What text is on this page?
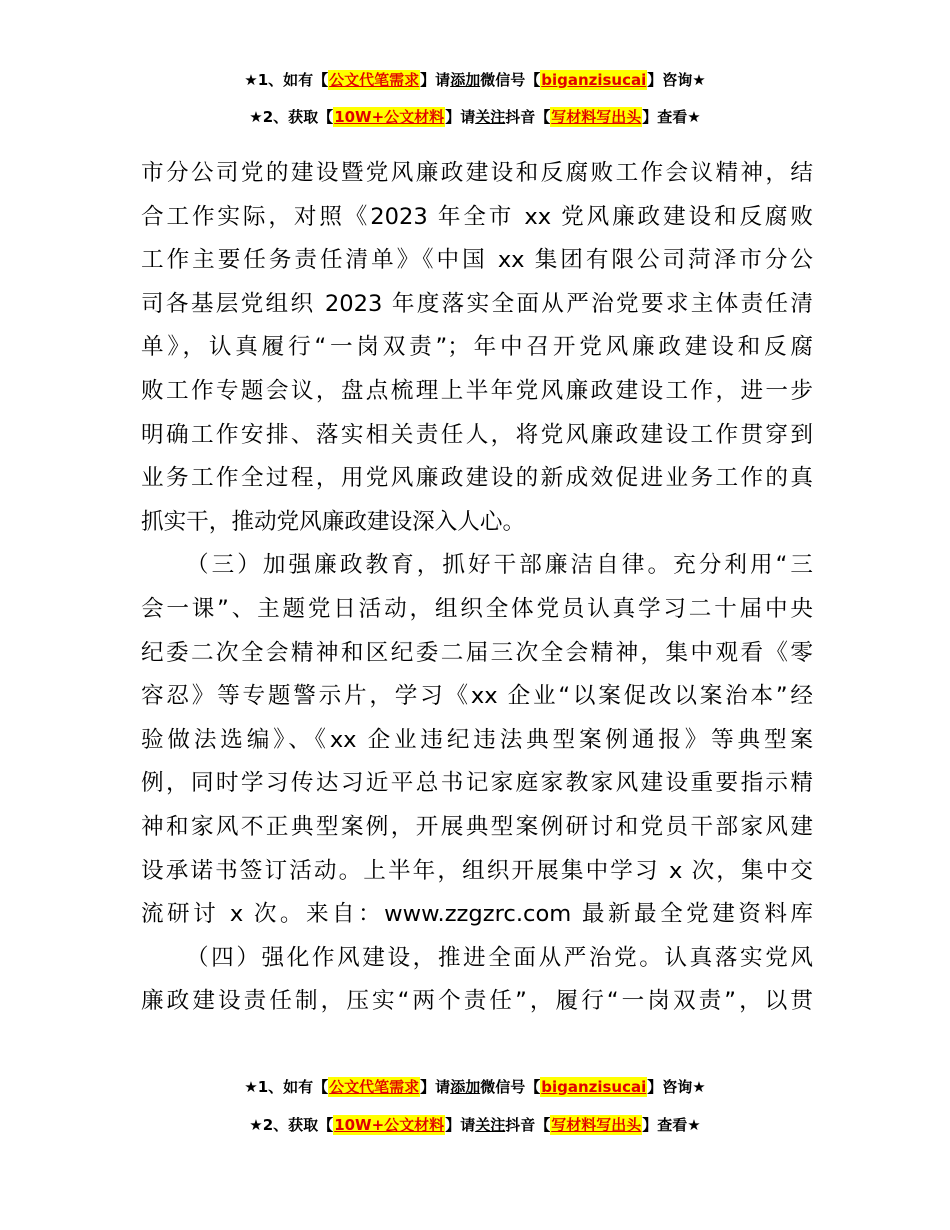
★1、如有【公文代笔需求】请添加微信号【biganzisucai】咨询★
★2、获取【10W+公文材料】请关注抖音【写材料写出头】查看★

市分公司党的建设暨党风廉政建设和反腐败工作会议精神，结
合工作实际，对照《2023 年全市 xx 党风廉政建设和反腐败
工作主要任务责任清单》《中国 xx 集团有限公司菏泽市分公
司各基层党组织 2023 年度落实全面从严治党要求主体责任清
单》，认真履行“一岗双责”；年中召开党风廉政建设和反腐
败工作专题会议，盘点梳理上半年党风廉政建设工作，进一步
明确工作安排、落实相关责任人，将党风廉政建设工作贯穿到
业务工作全过程，用党风廉政建设的新成效促进业务工作的真
抓实干，推动党风廉政建设深入人心。

（三）加强廉政教育，抓好干部廉洁自律。充分利用“三
会一课”、主题党日活动，组织全体党员认真学习二十届中央
纪委二次全会精神和区纪委二届三次全会精神，集中观看《零
容忍》等专题警示片，学习《xx 企业“以案促改以案治本”经
验做法选编》、《xx 企业违纪违法典型案例通报》等典型案
例，同时学习传达习近平总书记家庭家教家风建设重要指示精
神和家风不正典型案例，开展典型案例研讨和党员干部家风建
设承诺书签订活动。上半年，组织开展集中学习 x 次，集中交
流研讨 x 次。来自：www.zzgzrc.com 最新最全党建资料库

（四）强化作风建设，推进全面从严治党。认真落实党风
廉政建设责任制，压实“两个责任”，履行“一岗双责”，以贯

★1、如有【公文代笔需求】请添加微信号【biganzisucai】咨询★
★2、获取【10W+公文材料】请关注抖音【写材料写出头】查看★
